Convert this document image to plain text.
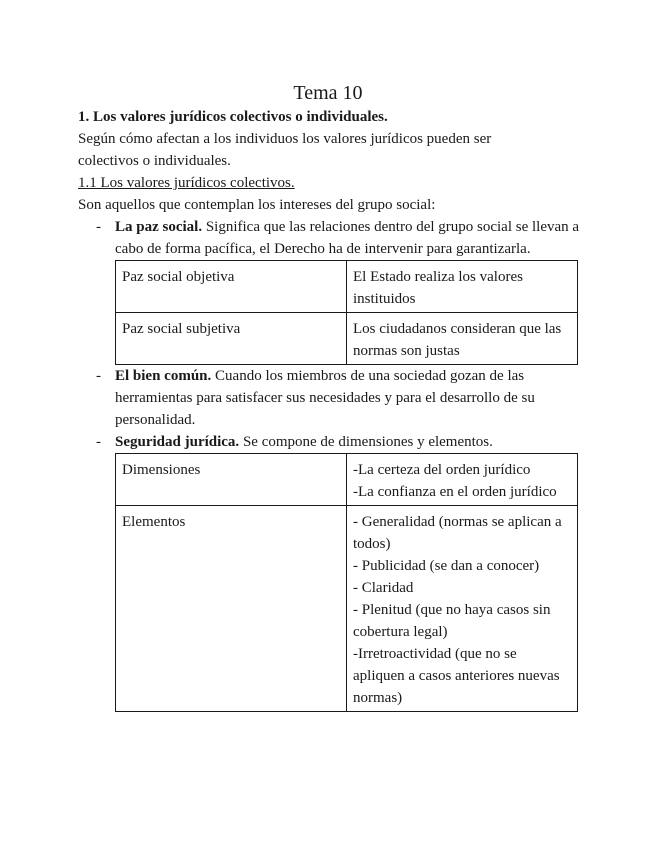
Tema 10

1. Los valores jurídicos colectivos o individuales.

Según cómo afectan a los individuos los valores jurídicos pueden ser colectivos o individuales.

1.1 Los valores jurídicos colectivos.

Son aquellos que contemplan los intereses del grupo social:

- La paz social. Significa que las relaciones dentro del grupo social se llevan a cabo de forma pacífica, el Derecho ha de intervenir para garantizarla.
Paz social objetiva	El Estado realiza los valores instituidos
Paz social subjetiva	Los ciudadanos consideran que las normas son justas
- El bien común. Cuando los miembros de una sociedad gozan de las herramientas para satisfacer sus necesidades y para el desarrollo de su personalidad.
- Seguridad jurídica. Se compone de dimensiones y elementos.
Dimensiones	-La certeza del orden jurídico
-La confianza en el orden jurídico

Elementos	- Generalidad (normas se aplican a todos)
- Publicidad (se dan a conocer)
- Claridad
- Plenitud (que no haya casos sin cobertura legal)
-Irretroactividad (que no se apliquen a casos anteriores nuevas normas)
